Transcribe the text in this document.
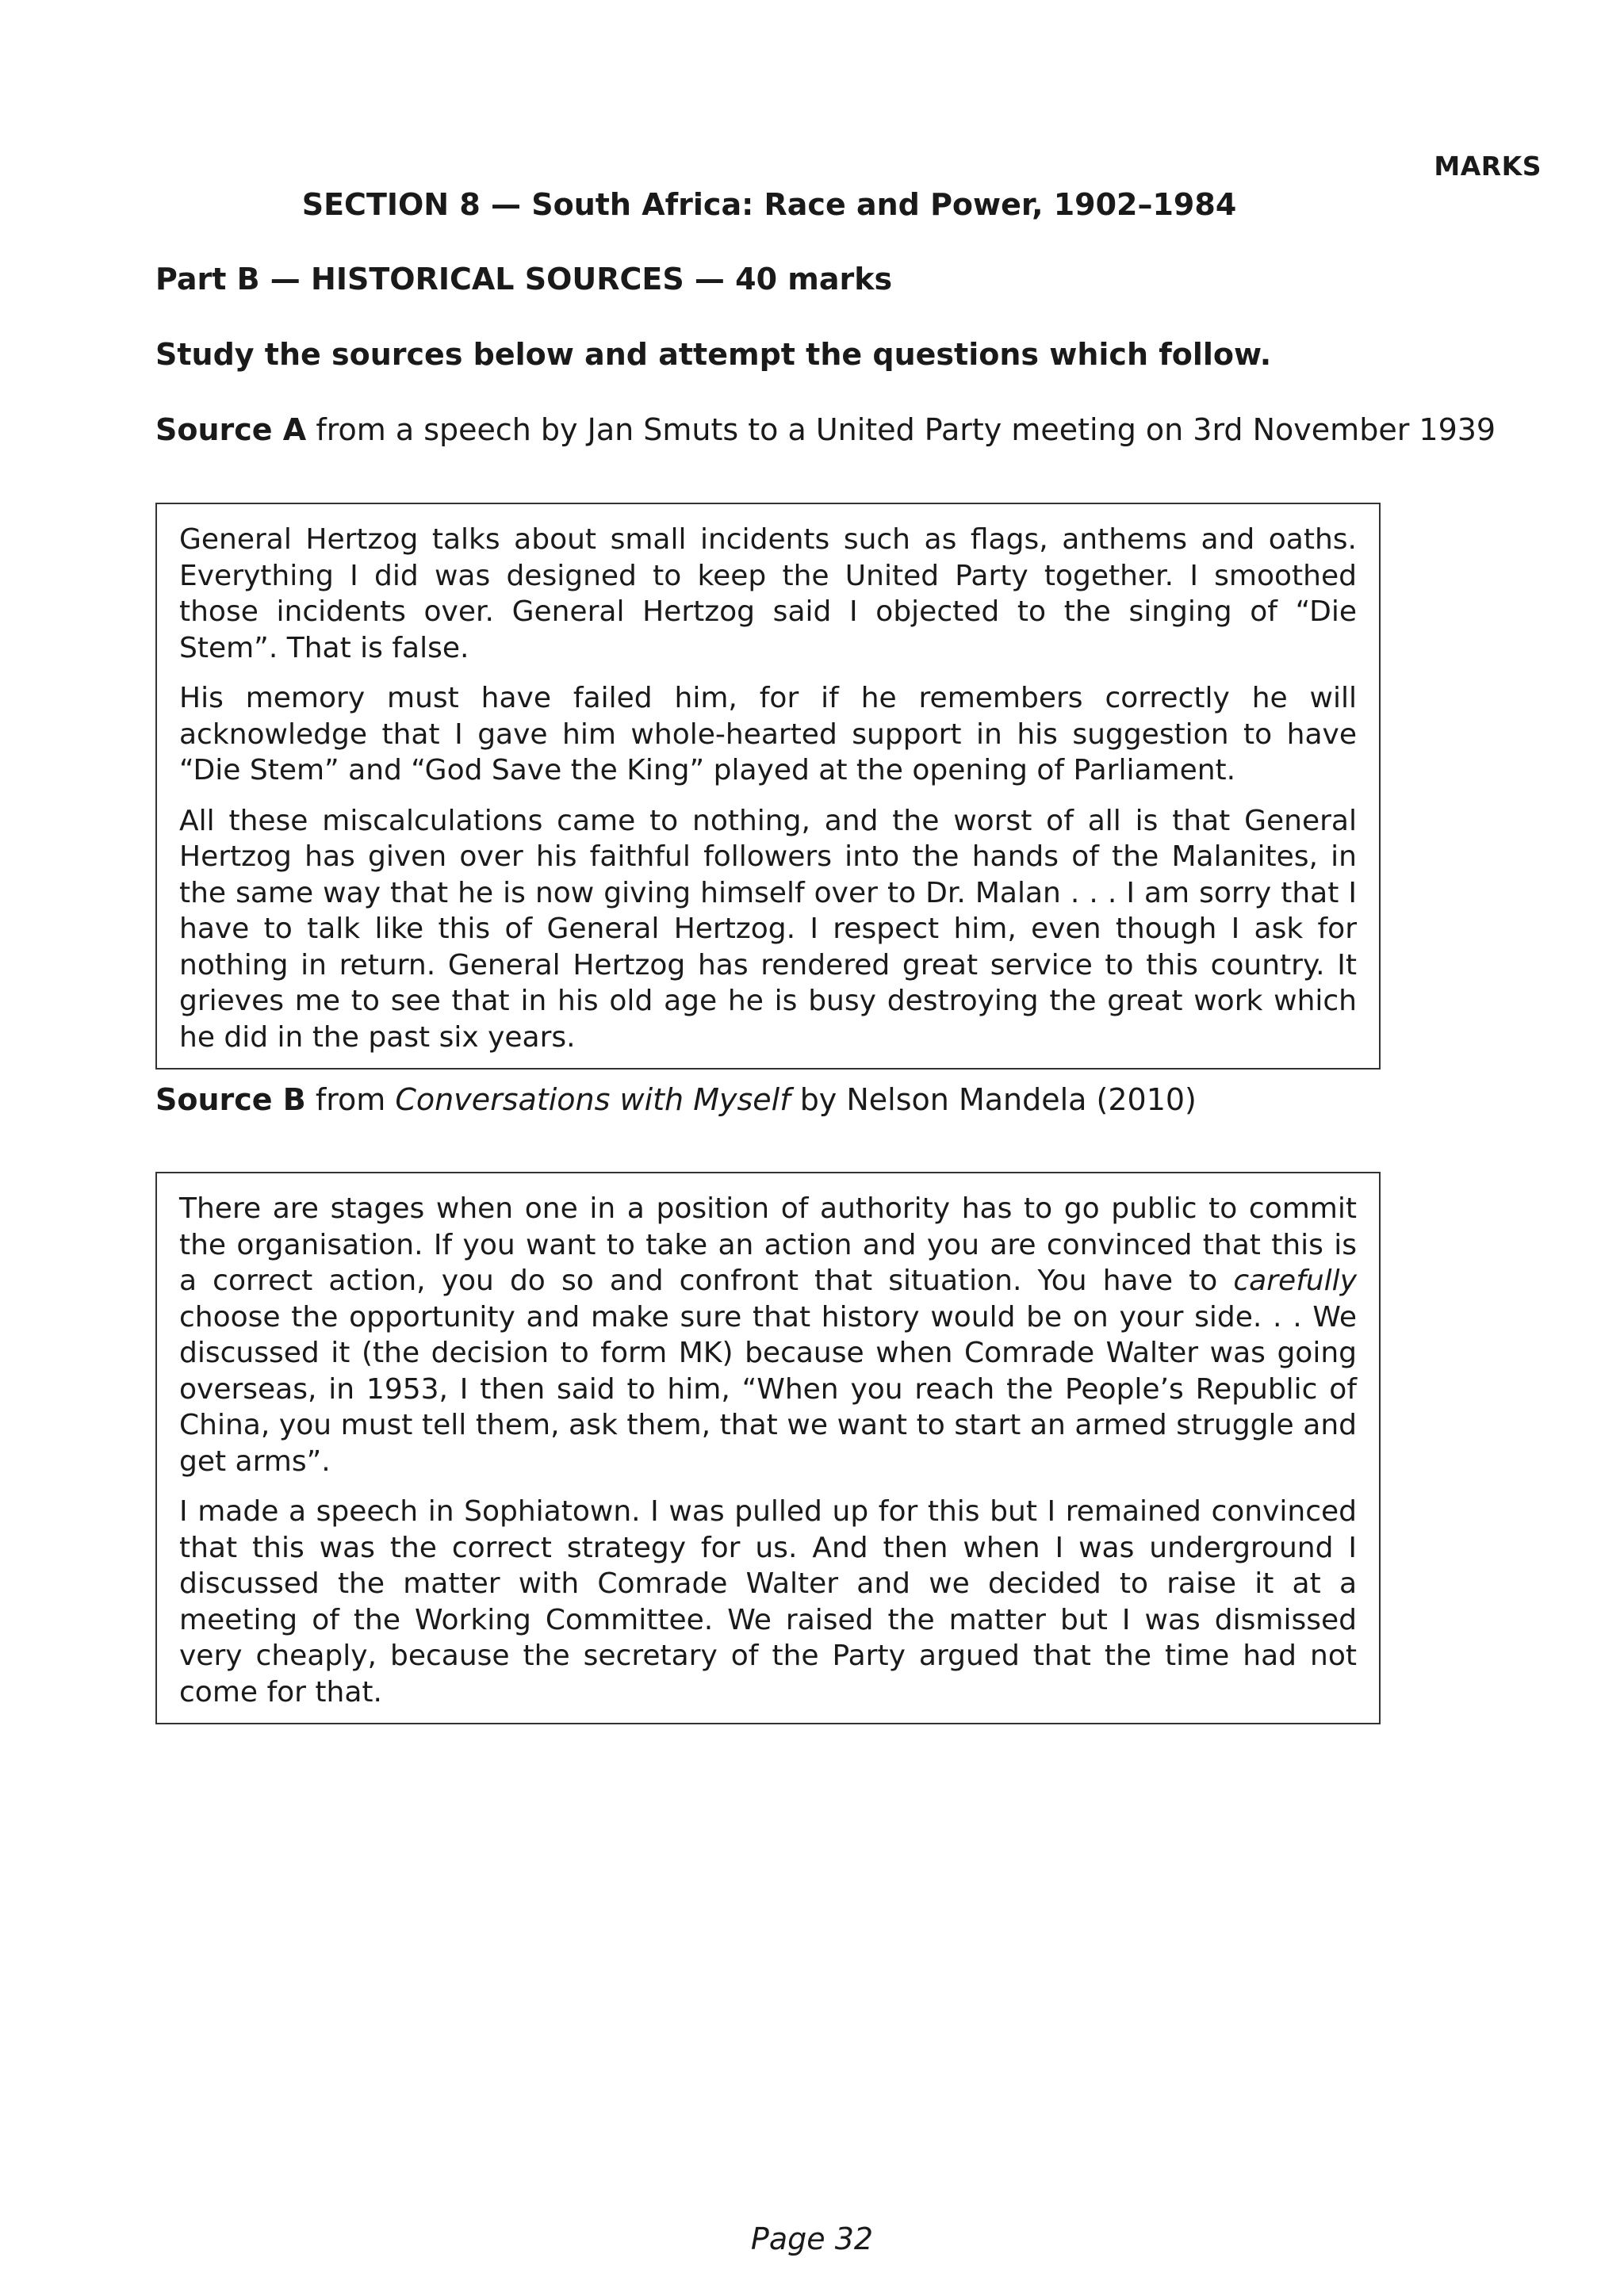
MARKS
SECTION 8 — South Africa: Race and Power, 1902–1984
Part B — HISTORICAL SOURCES — 40 marks
Study the sources below and attempt the questions which follow.
Source A from a speech by Jan Smuts to a United Party meeting on 3rd November 1939

General Hertzog talks about small incidents such as flags, anthems and oaths. Everything I did was designed to keep the United Party together. I smoothed those incidents over. General Hertzog said I objected to the singing of “Die Stem”. That is false.

His memory must have failed him, for if he remembers correctly he will acknowledge that I gave him whole-hearted support in his suggestion to have “Die Stem” and “God Save the King” played at the opening of Parliament.

All these miscalculations came to nothing, and the worst of all is that General Hertzog has given over his faithful followers into the hands of the Malanites, in the same way that he is now giving himself over to Dr. Malan . . . I am sorry that I have to talk like this of General Hertzog. I respect him, even though I ask for nothing in return. General Hertzog has rendered great service to this country. It grieves me to see that in his old age he is busy destroying the great work which he did in the past six years.

Source B from Conversations with Myself by Nelson Mandela (2010)

There are stages when one in a position of authority has to go public to commit the organisation. If you want to take an action and you are convinced that this is a correct action, you do so and confront that situation. You have to carefully choose the opportunity and make sure that history would be on your side. . . We discussed it (the decision to form MK) because when Comrade Walter was going overseas, in 1953, I then said to him, “When you reach the People’s Republic of China, you must tell them, ask them, that we want to start an armed struggle and get arms”.

I made a speech in Sophiatown. I was pulled up for this but I remained convinced that this was the correct strategy for us. And then when I was underground I discussed the matter with Comrade Walter and we decided to raise it at a meeting of the Working Committee. We raised the matter but I was dismissed very cheaply, because the secretary of the Party argued that the time had not come for that.

Page 32
